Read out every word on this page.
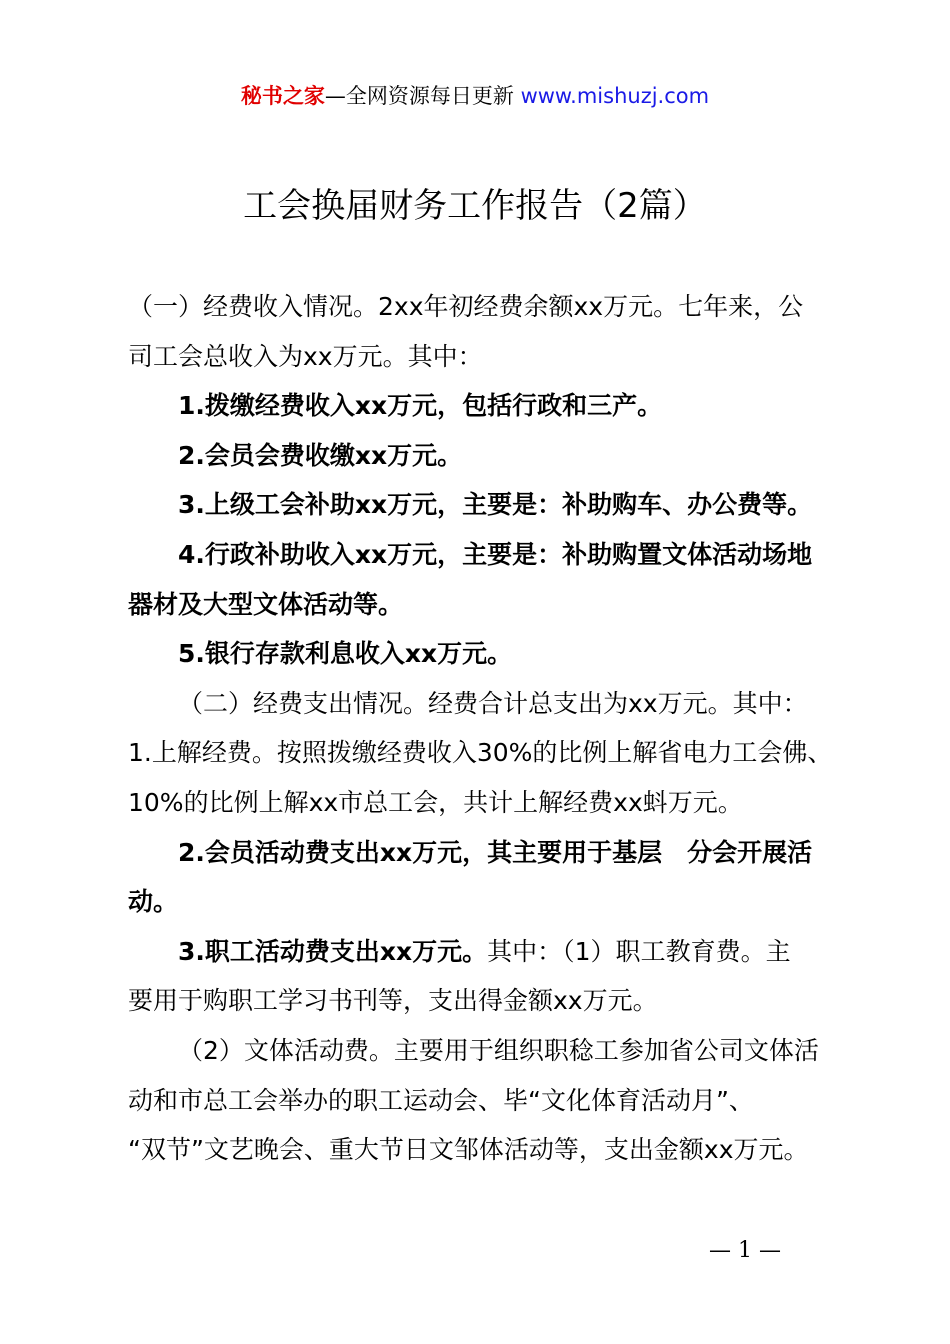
秘书之家—全网资源每日更新 www.mishuzj.com
工会换届财务工作报告（2篇）
（一）经费收入情况。2xx年初经费余额xx万元。七年来，公
司工会总收入为xx万元。其中：
1.拨缴经费收入xx万元，包括行政和三产。
2.会员会费收缴xx万元。
3.上级工会补助xx万元，主要是：补助购车、办公费等。
4.行政补助收入xx万元，主要是：补助购置文体活动场地
器材及大型文体活动等。
5.银行存款利息收入xx万元。
（二）经费支出情况。经费合计总支出为xx万元。其中：
1.上解经费。按照拨缴经费收入30%的比例上解省电力工会佛、
10%的比例上解xx市总工会，共计上解经费xx蚪万元。
2.会员活动费支出xx万元，其主要用于基层　分会开展活
动。
3.职工活动费支出xx万元。其中：（1）职工教育费。主
要用于购职工学习书刊等，支出得金额xx万元。
（2）文体活动费。主要用于组织职稔工参加省公司文体活
动和市总工会举办的职工运动会、毕“文化体育活动月”、
“双节”文艺晚会、重大节日文邹体活动等，支出金额xx万元。
— 1 —
